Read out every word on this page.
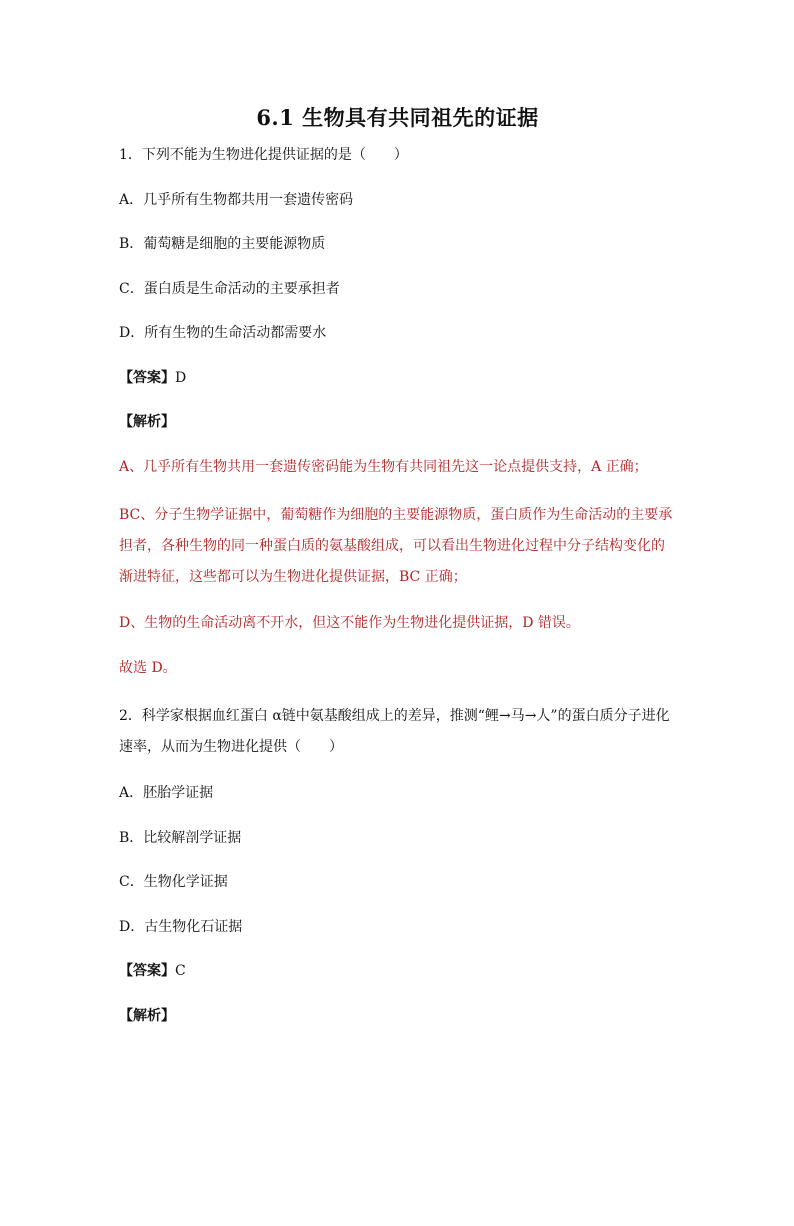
6.1 生物具有共同祖先的证据

1．下列不能为生物进化提供证据的是（　　）

A．几乎所有生物都共用一套遗传密码

B．葡萄糖是细胞的主要能源物质

C．蛋白质是生命活动的主要承担者

D．所有生物的生命活动都需要水

【答案】D

【解析】

A、几乎所有生物共用一套遗传密码能为生物有共同祖先这一论点提供支持，A 正确；

BC、分子生物学证据中，葡萄糖作为细胞的主要能源物质，蛋白质作为生命活动的主要承担者，各种生物的同一种蛋白质的氨基酸组成，可以看出生物进化过程中分子结构变化的渐进特征，这些都可以为生物进化提供证据，BC 正确；

D、生物的生命活动离不开水，但这不能作为生物进化提供证据，D 错误。

故选 D。

2．科学家根据血红蛋白 α链中氨基酸组成上的差异，推测“鲤→马→人”的蛋白质分子进化速率，从而为生物进化提供（　　）

A．胚胎学证据

B．比较解剖学证据

C．生物化学证据

D．古生物化石证据

【答案】C

【解析】
